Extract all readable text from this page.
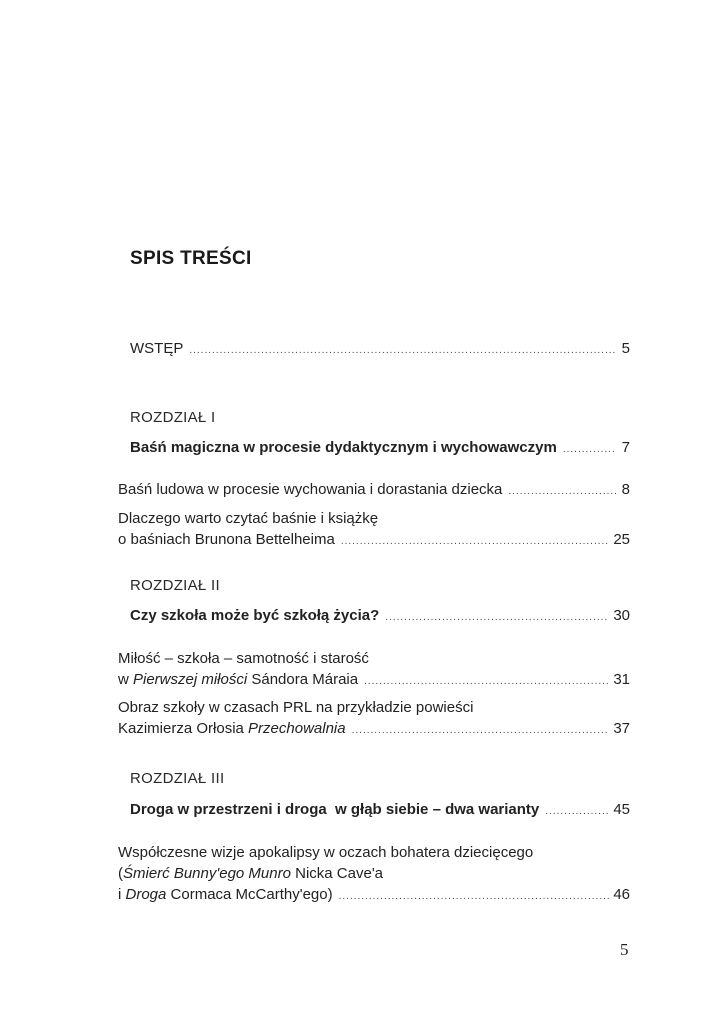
SPIS TREŚCI
WSTĘP .....	5
ROZDZIAŁ I
Baśń magiczna w procesie dydaktycznym i wychowawczym .....	7
Baśń ludowa w procesie wychowania i dorastania dziecka .....	8
Dlaczego warto czytać baśnie i książkę
o baśniach Brunona Bettelheima .....	25
ROZDZIAŁ II
Czy szkoła może być szkołą życia? .....	30
Miłość – szkoła – samotność i starość
w Pierwszej miłości Sándora Máraia .....	31
Obraz szkoły w czasach PRL na przykładzie powieści
Kazimierza Orłosia Przechowalnia .....	37
ROZDZIAŁ III
Droga w przestrzeni i droga  w głąb siebie – dwa warianty .....	45
Współczesne wizje apokalipsy w oczach bohatera dziecięcego
(Śmierć Bunny'ego Munro Nicka Cave'a
i Droga Cormaca McCarthy'ego) .....	46
5
